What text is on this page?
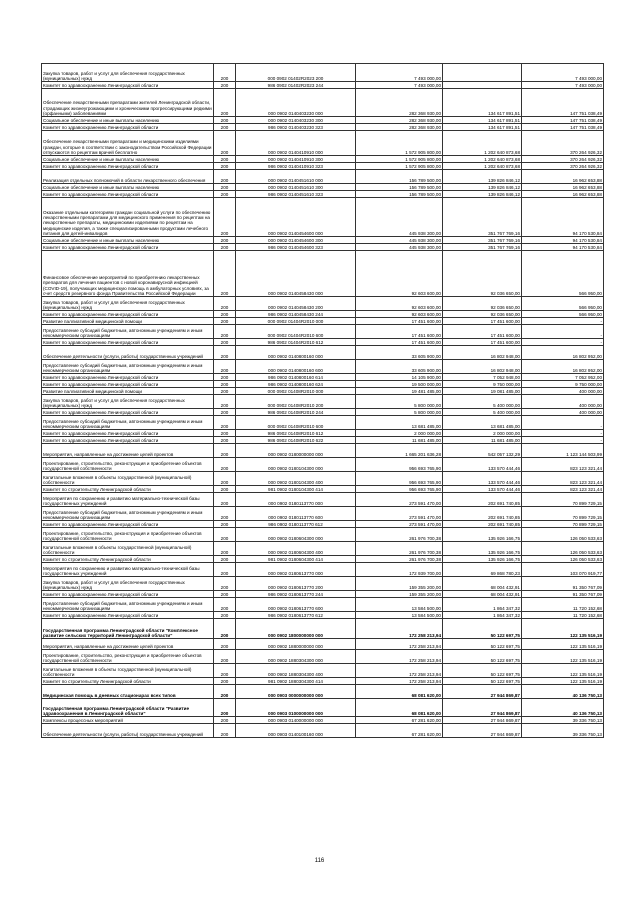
Закупка товаров, работ и услуг для обеспечения государственных (муниципальных) нужд	200	000 0902 01402R2023 200	7 493 000,00		7 493 000,00
Комитет по здравоохранению Ленинградской области	200	986 0902 01402R2023 244	7 493 000,00		7 493 000,00
Обеспечение лекарственными препаратами жителей Ленинградской области, страдающих жизнеугрожающими и хроническими прогрессирующими редкими (орфанными) заболеваниями	200	000 0902 0140403230 000	282 368 930,00	134 617 891,51	147 751 038,49
Социальное обеспечение и иные выплаты населению	200	000 0902 0140403230 300	282 368 930,00	134 617 891,51	147 751 038,49
Комитет по здравоохранению Ленинградской области	200	986 0902 0140403230 323	282 368 930,00	134 617 891,51	147 751 038,49
Обеспечение лекарственными препаратами и медицинскими изделиями граждан, которые в соответствии с законодательством Российской Федерации отпускаются по рецептам врачей бесплатно	200	000 0902 0140410910 000	1 572 905 800,00	1 202 640 873,68	370 264 926,32
Социальное обеспечение и иные выплаты населению	200	000 0902 0140410910 300	1 572 905 800,00	1 202 640 873,68	370 264 926,32
Комитет по здравоохранению Ленинградской области	200	986 0902 0140410910 323	1 572 905 800,00	1 202 640 873,68	370 264 926,32
Реализация отдельных полномочий в области лекарственного обеспечения	200	000 0902 0140451610 000	156 789 500,00	139 826 846,12	16 962 653,88
Социальное обеспечение и иные выплаты населению	200	000 0902 0140451610 300	156 789 500,00	139 826 846,12	16 962 653,88
Комитет по здравоохранению Ленинградской области	200	986 0902 0140451610 323	156 789 500,00	139 826 846,12	16 962 653,88
Оказание отдельным категориям граждан социальной услуги по обеспечению лекарственными препаратами для медицинского применения по рецептам на лекарственные препараты, медицинскими изделиями по рецептам на медицинские изделия, а также специализированными продуктами лечебного питания для детей-инвалидов	200	000 0902 0140454600 000	445 938 300,00	351 767 769,16	94 170 530,84
Социальное обеспечение и иные выплаты населению	200	000 0902 0140454600 300	445 938 300,00	351 767 769,16	94 170 530,84
Комитет по здравоохранению Ленинградской области	200	986 0902 0140454600 323	445 938 300,00	351 767 769,16	94 170 530,84
Финансовое обеспечение мероприятий по приобретению лекарственных препаратов для лечения пациентов с новой коронавирусной инфекцией (COVID-19), получающих медицинскую помощь в амбулаторных условиях, за счет средств резервного фонда Правительства Российской Федерации	200	000 0902 0140458430 000	92 603 600,00	92 036 650,00	566 950,00
Закупка товаров, работ и услуг для обеспечения государственных (муниципальных) нужд	200	000 0902 0140458430 200	92 603 600,00	92 036 650,00	566 950,00
Комитет по здравоохранению Ленинградской области	200	986 0902 0140458430 244	92 603 600,00	92 036 650,00	566 950,00
Развитие паллиативной медицинской помощи	200	000 0902 01404R2010 000	17 451 600,00	17 451 600,00	-
Предоставление субсидий бюджетным, автономным учреждениям и иным некоммерческим организациям	200	000 0902 01404R2010 600	17 451 600,00	17 451 600,00	-
Комитет по здравоохранению Ленинградской области	200	986 0902 01404R2010 612	17 451 600,00	17 451 600,00	-
Обеспечение деятельности (услуги, работы) государственных учреждений	200	000 0902 0140800160 000	33 605 900,00	16 802 948,00	16 802 952,00
Предоставление субсидий бюджетным, автономным учреждениям и иным некоммерческим организациям	200	000 0902 0140800160 600	33 605 900,00	16 802 948,00	16 802 952,00
Комитет по здравоохранению Ленинградской области	200	986 0902 0140800160 614	14 105 900,00	7 052 948,00	7 052 952,00
Комитет по здравоохранению Ленинградской области	200	986 0902 0140800160 624	19 500 000,00	9 750 000,00	9 750 000,00
Развитие паллиативной медицинской помощи	200	000 0902 01408R2010 000	19 481 485,00	19 081 485,00	400 000,00
Закупка товаров, работ и услуг для обеспечения государственных (муниципальных) нужд	200	000 0902 01408R2010 200	5 800 000,00	5 400 000,00	400 000,00
Комитет по здравоохранению Ленинградской области	200	986 0902 01408R2010 244	5 800 000,00	5 400 000,00	400 000,00
Предоставление субсидий бюджетным, автономным учреждениям и иным некоммерческим организациям	200	000 0902 01408R2010 600	13 681 485,00	13 681 485,00	-
Комитет по здравоохранению Ленинградской области	200	986 0902 01408R2010 612	2 000 000,00	2 000 000,00	-
Комитет по здравоохранению Ленинградской области	200	986 0902 01408R2010 622	11 681 485,00	11 681 485,00	-
Мероприятия, направленные на достижение целей проектов	200	000 0902 0180000000 000	1 665 201 636,28	542 057 132,29	1 123 144 503,99
Проектирование, строительство, реконструкция и приобретение объектов государственной собственности	200	000 0902 0180104300 000	956 693 765,90	133 570 444,46	823 123 321,44
Капитальные вложения в объекты государственной (муниципальной) собственности	200	000 0902 0180104300 400	956 693 765,90	133 570 444,46	823 123 321,44
Комитет по строительству Ленинградской области	200	981 0902 0180104300 414	956 693 765,90	133 570 444,46	823 123 321,44
Мероприятия по сохранению и развитию материально-технической базы государственных учреждений	200	000 0902 0180113770 000	273 591 470,00	202 691 740,85	70 899 729,15
Предоставление субсидий бюджетным, автономным учреждениям и иным некоммерческим организациям	200	000 0902 0180113770 600	273 591 470,00	202 691 740,85	70 899 729,15
Комитет по здравоохранению Ленинградской области	200	986 0902 0180113770 612	273 591 470,00	202 691 740,85	70 899 729,15
Проектирование, строительство, реконструкция и приобретение объектов государственной собственности	200	000 0902 0180604300 000	261 976 700,38	135 926 166,75	126 050 533,63
Капитальные вложения в объекты государственной (муниципальной) собственности	200	000 0902 0180604300 400	261 976 700,38	135 926 166,75	126 050 533,63
Комитет по строительству Ленинградской области	200	981 0902 0180604300 414	261 976 700,38	135 926 166,75	126 050 533,63
Мероприятия по сохранению и развитию материально-технической базы государственных учреждений	200	000 0902 0180613770 000	172 939 700,00	69 868 780,23	103 070 919,77
Закупка товаров, работ и услуг для обеспечения государственных (муниципальных) нужд	200	000 0902 0180613770 200	159 355 200,00	68 004 432,91	91 350 767,09
Комитет по здравоохранению Ленинградской области	200	986 0902 0180613770 244	159 355 200,00	68 004 432,91	91 350 767,09
Предоставление субсидий бюджетным, автономным учреждениям и иным некоммерческим организациям	200	000 0902 0180613770 600	13 584 500,00	1 864 347,32	11 720 152,68
Комитет по здравоохранению Ленинградской области	200	986 0902 0180613770 612	13 584 500,00	1 864 347,32	11 720 152,68
Государственная программа Ленинградской области "Комплексное развитие сельских территорий Ленинградской области"	200	000 0902 1800000000 000	172 258 213,94	50 122 697,75	122 135 516,19
Мероприятия, направленные на достижение целей проектов	200	000 0902 1880000000 000	172 258 213,94	50 122 697,75	122 135 516,19
Проектирование, строительство, реконструкция и приобретение объектов государственной собственности	200	000 0902 1880304300 000	172 258 213,94	50 122 697,75	122 135 516,19
Капитальные вложения в объекты государственной (муниципальной) собственности	200	000 0902 1880304300 400	172 258 213,94	50 122 697,75	122 135 516,19
Комитет по строительству Ленинградской области	200	981 0902 1880304300 414	172 258 213,94	50 122 697,75	122 135 516,19
Медицинская помощь в дневных стационарах всех типов	200	000 0903 0000000000 000	68 081 620,00	27 944 869,87	40 136 750,13
Государственная программа Ленинградской области "Развитие здравоохранения в Ленинградской области"	200	000 0903 0100000000 000	68 081 620,00	27 944 869,87	40 136 750,13
Комплексы процессных мероприятий	200	000 0903 0140000000 000	67 281 620,00	27 944 869,87	39 336 750,13
Обеспечение деятельности (услуги, работы) государственных учреждений	200	000 0903 0140100160 000	67 281 620,00	27 944 869,87	39 336 750,13
116
